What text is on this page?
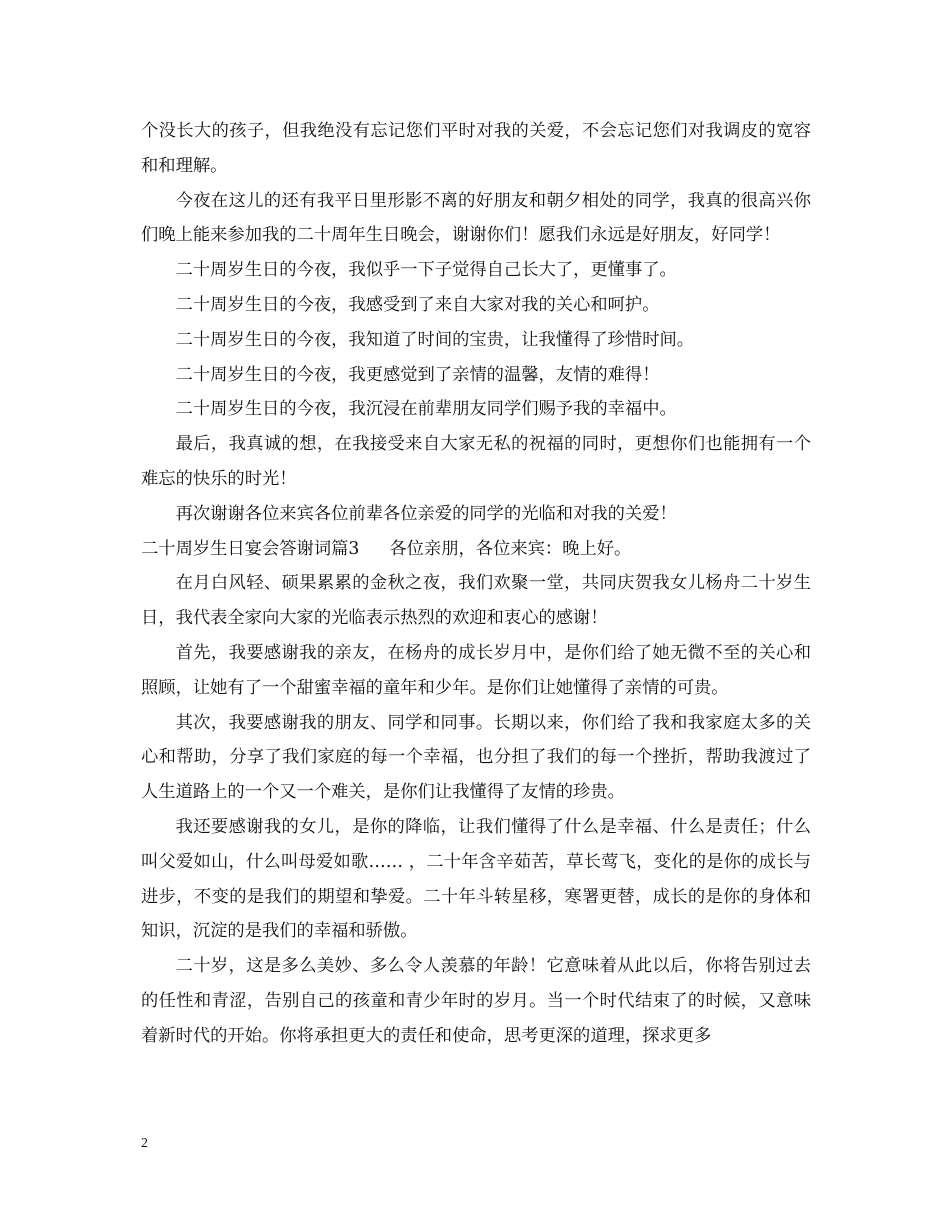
个没长大的孩子，但我绝没有忘记您们平时对我的关爱，不会忘记您们对我调皮的宽容和和理解。

今夜在这儿的还有我平日里形影不离的好朋友和朝夕相处的同学，我真的很高兴你们晚上能来参加我的二十周年生日晚会，谢谢你们！愿我们永远是好朋友，好同学！

二十周岁生日的今夜，我似乎一下子觉得自己长大了，更懂事了。

二十周岁生日的今夜，我感受到了来自大家对我的关心和呵护。

二十周岁生日的今夜，我知道了时间的宝贵，让我懂得了珍惜时间。

二十周岁生日的今夜，我更感觉到了亲情的温馨，友情的难得！

二十周岁生日的今夜，我沉浸在前辈朋友同学们赐予我的幸福中。

最后，我真诚的想，在我接受来自大家无私的祝福的同时，更想你们也能拥有一个难忘的快乐的时光！

再次谢谢各位来宾各位前辈各位亲爱的同学的光临和对我的关爱！

二十周岁生日宴会答谢词篇3 各位亲朋，各位来宾：晚上好。

在月白风轻、硕果累累的金秋之夜，我们欢聚一堂，共同庆贺我女儿杨舟二十岁生日，我代表全家向大家的光临表示热烈的欢迎和衷心的感谢！

首先，我要感谢我的亲友，在杨舟的成长岁月中，是你们给了她无微不至的关心和照顾，让她有了一个甜蜜幸福的童年和少年。是你们让她懂得了亲情的可贵。

其次，我要感谢我的朋友、同学和同事。长期以来，你们给了我和我家庭太多的关心和帮助，分享了我们家庭的每一个幸福，也分担了我们的每一个挫折，帮助我渡过了人生道路上的一个又一个难关，是你们让我懂得了友情的珍贵。

我还要感谢我的女儿，是你的降临，让我们懂得了什么是幸福、什么是责任；什么叫父爱如山，什么叫母爱如歌…… ，二十年含辛茹苦，草长莺飞，变化的是你的成长与进步，不变的是我们的期望和挚爱。二十年斗转星移，寒署更替，成长的是你的身体和知识，沉淀的是我们的幸福和骄傲。

二十岁，这是多么美妙、多么令人羡慕的年龄！它意味着从此以后，你将告别过去的任性和青涩，告别自己的孩童和青少年时的岁月。当一个时代结束了的时候，又意味着新时代的开始。你将承担更大的责任和使命，思考更深的道理，探求更多

2
